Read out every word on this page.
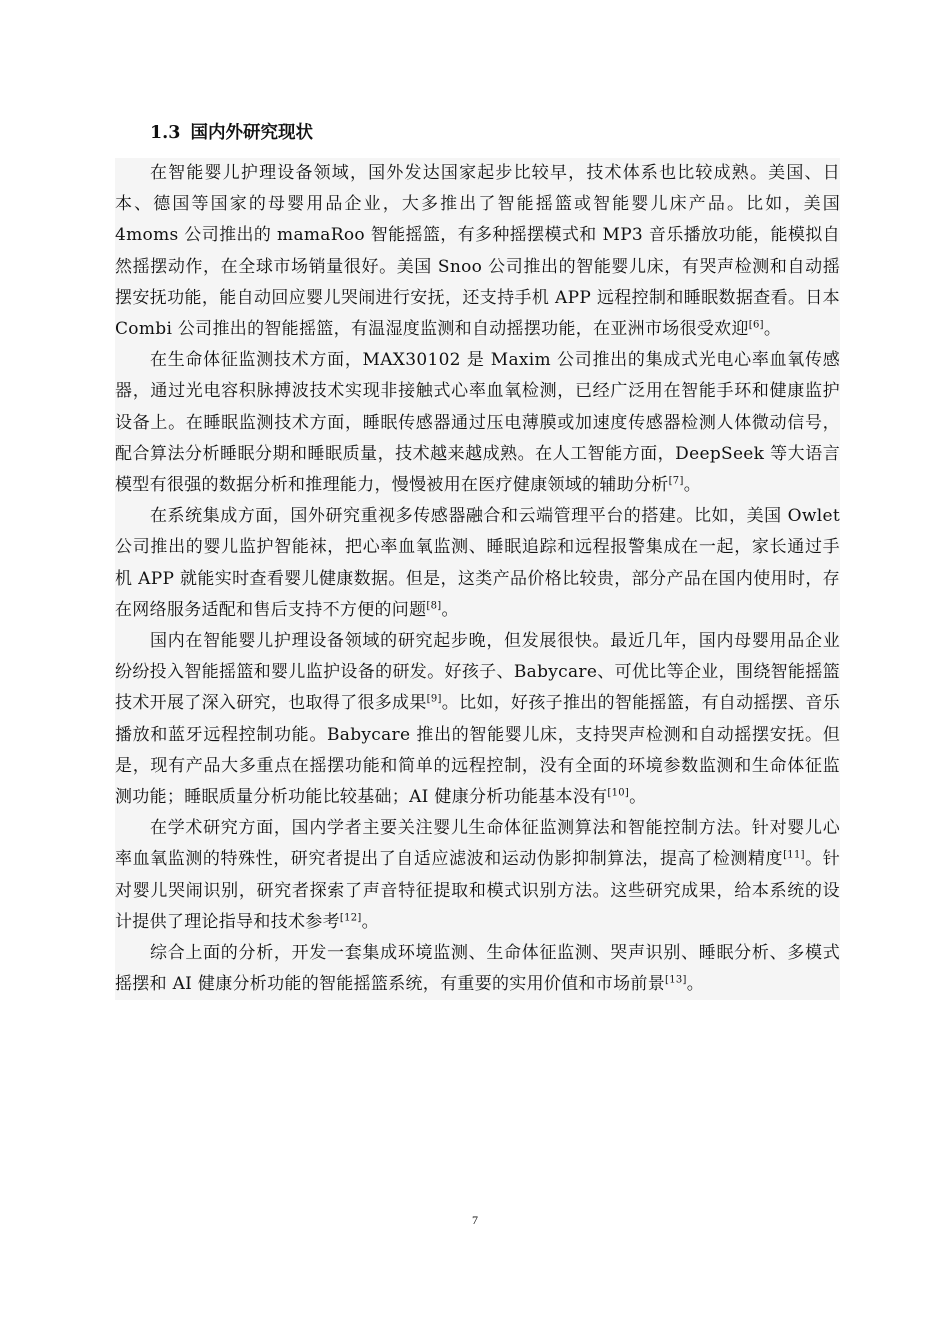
1.3 国内外研究现状

在智能婴儿护理设备领域，国外发达国家起步比较早，技术体系也比较成熟。美国、日本、德国等国家的母婴用品企业，大多推出了智能摇篮或智能婴儿床产品。比如，美国 4moms 公司推出的 mamaRoo 智能摇篮，有多种摇摆模式和 MP3 音乐播放功能，能模拟自然摇摆动作，在全球市场销量很好。美国 Snoo 公司推出的智能婴儿床，有哭声检测和自动摇摆安抚功能，能自动回应婴儿哭闹进行安抚，还支持手机 APP 远程控制和睡眠数据查看。日本 Combi 公司推出的智能摇篮，有温湿度监测和自动摇摆功能，在亚洲市场很受欢迎[6]。

在生命体征监测技术方面，MAX30102 是 Maxim 公司推出的集成式光电心率血氧传感器，通过光电容积脉搏波技术实现非接触式心率血氧检测，已经广泛用在智能手环和健康监护设备上。在睡眠监测技术方面，睡眠传感器通过压电薄膜或加速度传感器检测人体微动信号，配合算法分析睡眠分期和睡眠质量，技术越来越成熟。在人工智能方面，DeepSeek 等大语言模型有很强的数据分析和推理能力，慢慢被用在医疗健康领域的辅助分析[7]。

在系统集成方面，国外研究重视多传感器融合和云端管理平台的搭建。比如，美国 Owlet 公司推出的婴儿监护智能袜，把心率血氧监测、睡眠追踪和远程报警集成在一起，家长通过手机 APP 就能实时查看婴儿健康数据。但是，这类产品价格比较贵，部分产品在国内使用时，存在网络服务适配和售后支持不方便的问题[8]。

国内在智能婴儿护理设备领域的研究起步晚，但发展很快。最近几年，国内母婴用品企业纷纷投入智能摇篮和婴儿监护设备的研发。好孩子、Babycare、可优比等企业，围绕智能摇篮技术开展了深入研究，也取得了很多成果[9]。比如，好孩子推出的智能摇篮，有自动摇摆、音乐播放和蓝牙远程控制功能。Babycare 推出的智能婴儿床，支持哭声检测和自动摇摆安抚。但是，现有产品大多重点在摇摆功能和简单的远程控制，没有全面的环境参数监测和生命体征监测功能；睡眠质量分析功能比较基础；AI 健康分析功能基本没有[10]。

在学术研究方面，国内学者主要关注婴儿生命体征监测算法和智能控制方法。针对婴儿心率血氧监测的特殊性，研究者提出了自适应滤波和运动伪影抑制算法，提高了检测精度[11]。针对婴儿哭闹识别，研究者探索了声音特征提取和模式识别方法。这些研究成果，给本系统的设计提供了理论指导和技术参考[12]。

综合上面的分析，开发一套集成环境监测、生命体征监测、哭声识别、睡眠分析、多模式摇摆和 AI 健康分析功能的智能摇篮系统，有重要的实用价值和市场前景[13]。

7
